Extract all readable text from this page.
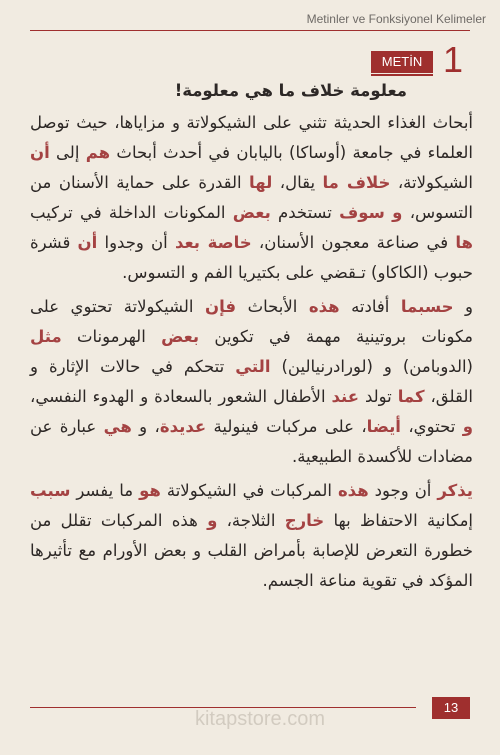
Metinler ve Fonksiyonel Kelimeler
METİN 1
معلومة خلاف ما هي معلومة!
أبحاث الغذاء الحديثة تثني على الشيكولاتة و مزاياها، حيث توصل العلماء في جامعة (أوساكا) باليابان في أحدث أبحاث هم إلى أن الشيكولاتة، خلاف ما يقال، لها القدرة على حماية الأسنان من التسوس، و سوف تستخدم بعض المكونات الداخلة في تركيب ها في صناعة معجون الأسنان، خاصة بعد أن وجدوا أن قشرة حبوب (الكاكاو) تـقضي على بكتيريا الفم و التسوس.
و حسبما أفادته هذه الأبحاث فإن الشيكولاتة تحتوي على مكونات بروتينية مهمة في تكوين بعض الهرمونات مثل (الدوبامن) و (لورادرنيالين) التي تتحكم في حالات الإثارة و القلق، كما تولد عند الأطفال الشعور بالسعادة و الهدوء النفسي، و تحتوي، أيضا، على مركبات فينولية عديدة، و هي عبارة عن مضادات للأكسدة الطبيعية.
يذكر أن وجود هذه المركبات في الشيكولاتة هو ما يفسر سبب إمكانية الاحتفاظ بها خارج الثلاجة، و هذه المركبات تقلل من خطورة التعرض للإصابة بأمراض القلب و بعض الأورام مع تأثيرها المؤكد في تقوية مناعة الجسم.
kitapstore.com
13
